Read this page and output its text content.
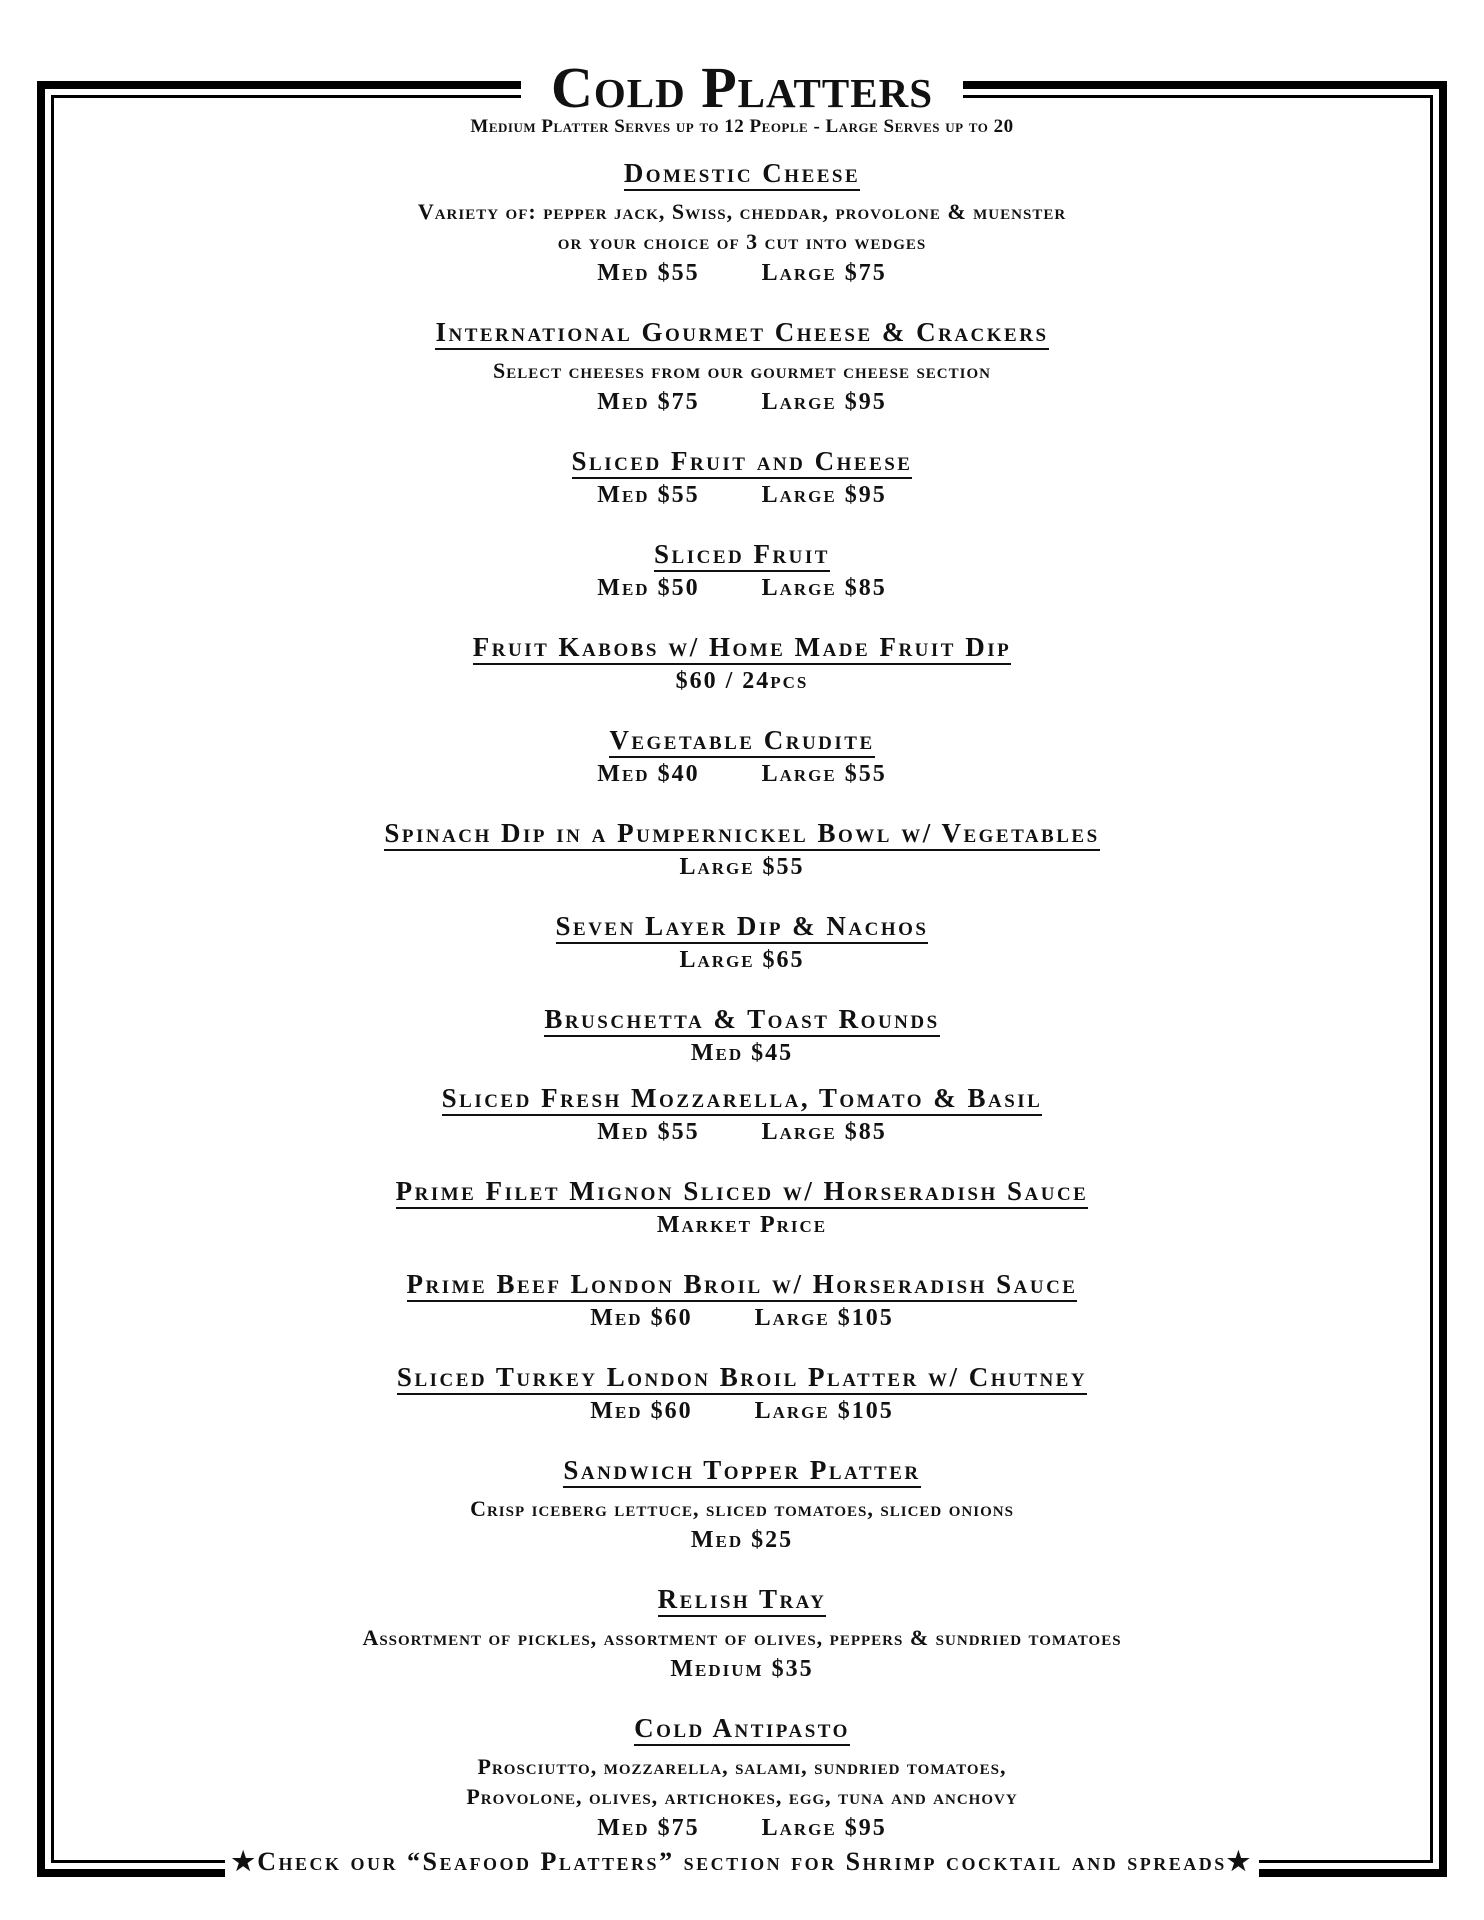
Cold Platters
Medium Platter Serves up to 12 People - Large Serves up to 20
Domestic Cheese
Variety of: pepper jack, Swiss, cheddar, provolone & muenster
or your choice of 3 cut into wedges
Med $55	Large $75
International Gourmet Cheese & Crackers
Select cheeses from our gourmet cheese section
Med $75	Large $95
Sliced Fruit and Cheese
Med $55	Large $95
Sliced Fruit
Med $50	Large $85
Fruit Kabobs w/ Home Made Fruit Dip
$60 / 24pcs
Vegetable Crudite
Med $40	Large $55
Spinach Dip in a Pumpernickel Bowl w/ Vegetables
Large $55
Seven Layer Dip & Nachos
Large $65
Bruschetta & Toast Rounds
Med $45
Sliced Fresh Mozzarella, Tomato & Basil
Med $55	Large $85
Prime Filet Mignon Sliced w/ Horseradish Sauce
Market Price
Prime Beef London Broil w/ Horseradish Sauce
Med $60	Large $105
Sliced Turkey London Broil Platter w/ Chutney
Med $60	Large $105
Sandwich Topper Platter
Crisp iceberg lettuce, sliced tomatoes, sliced onions
Med $25
Relish Tray
Assortment of pickles, assortment of olives, peppers & sundried tomatoes
Medium $35
Cold Antipasto
Prosciutto, mozzarella, salami, sundried tomatoes,
Provolone, olives, artichokes, egg, tuna and anchovy
Med $75	Large $95
★Check our “Seafood Platters” section for Shrimp cocktail and spreads★
